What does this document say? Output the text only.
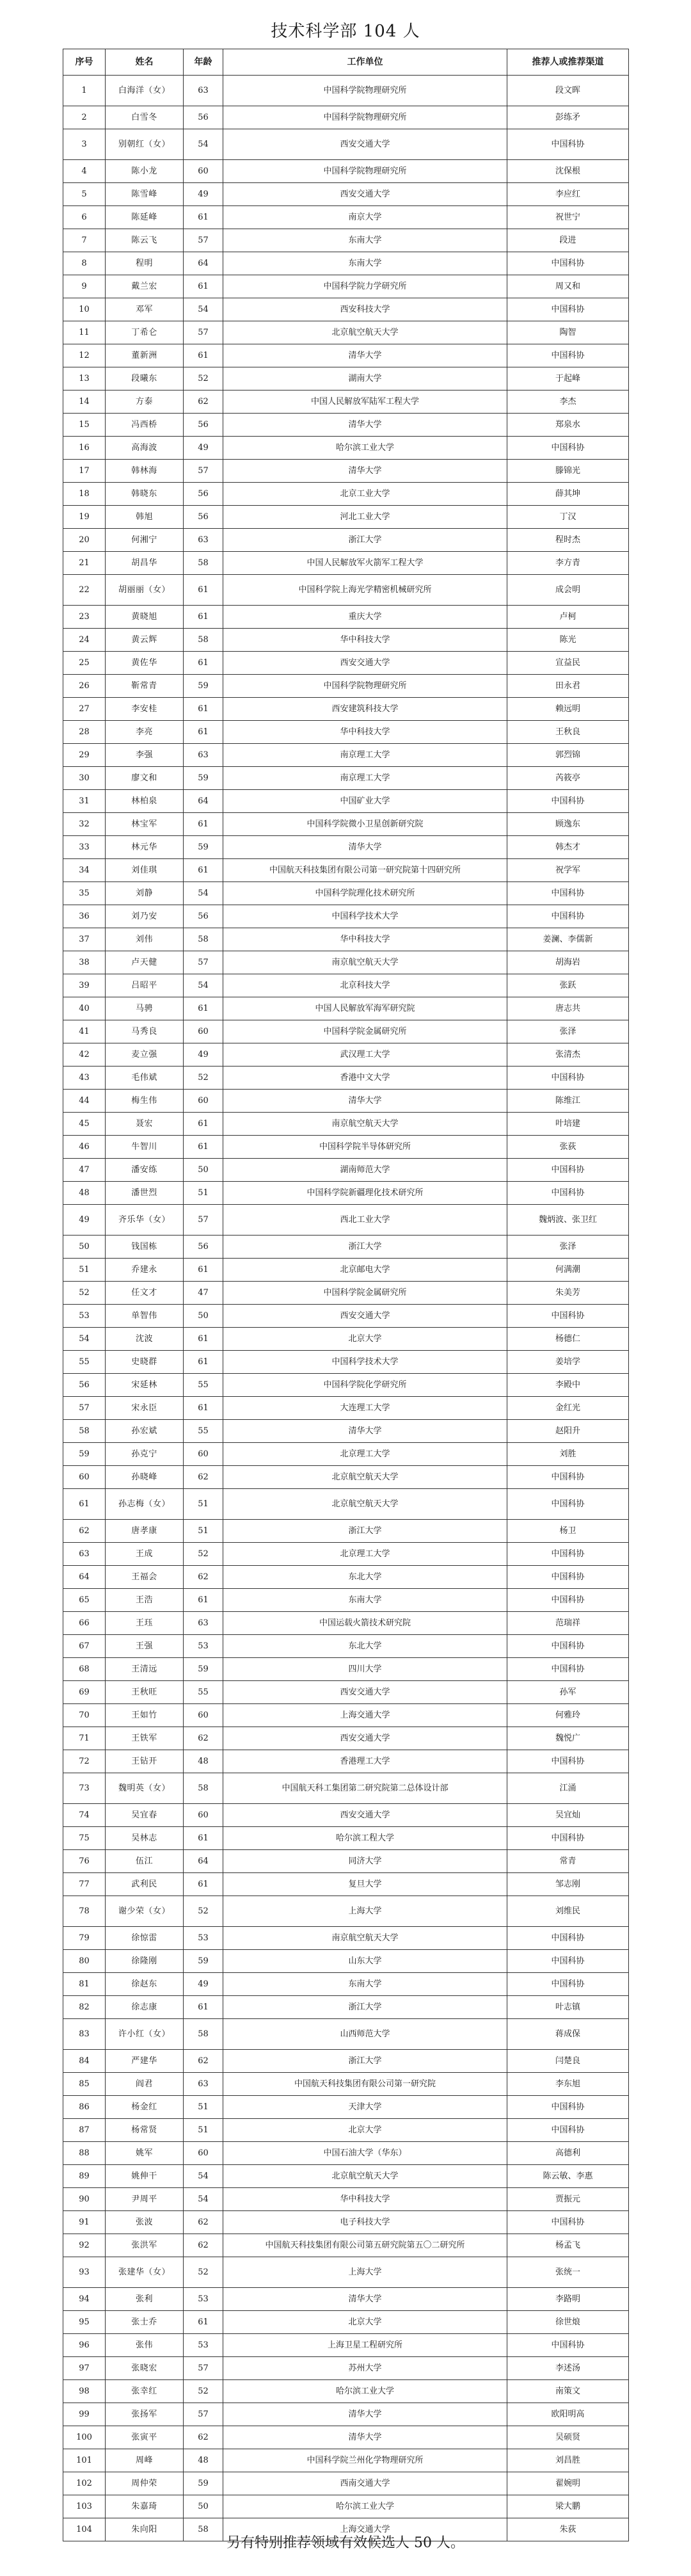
技术科学部 104 人
序号	姓名	年龄	工作单位	推荐人或推荐渠道
1	白海洋（女）	63	中国科学院物理研究所	段文晖
2	白雪冬	56	中国科学院物理研究所	彭练矛
3	别朝红（女）	54	西安交通大学	中国科协
4	陈小龙	60	中国科学院物理研究所	沈保根
5	陈雪峰	49	西安交通大学	李应红
6	陈延峰	61	南京大学	祝世宁
7	陈云飞	57	东南大学	段进
8	程明	64	东南大学	中国科协
9	戴兰宏	61	中国科学院力学研究所	周又和
10	邓军	54	西安科技大学	中国科协
11	丁希仑	57	北京航空航天大学	陶智
12	董新洲	61	清华大学	中国科协
13	段曦东	52	湖南大学	于起峰
14	方泰	62	中国人民解放军陆军工程大学	李杰
15	冯西桥	56	清华大学	郑泉水
16	高海波	49	哈尔滨工业大学	中国科协
17	韩林海	57	清华大学	滕锦光
18	韩晓东	56	北京工业大学	薛其坤
19	韩旭	56	河北工业大学	丁汉
20	何湘宁	63	浙江大学	程时杰
21	胡昌华	58	中国人民解放军火箭军工程大学	李方青
22	胡丽丽（女）	61	中国科学院上海光学精密机械研究所	成会明
23	黄晓旭	61	重庆大学	卢柯
24	黄云辉	58	华中科技大学	陈光
25	黄佐华	61	西安交通大学	宣益民
26	靳常青	59	中国科学院物理研究所	田永君
27	李安桂	61	西安建筑科技大学	赖远明
28	李亮	61	华中科技大学	王秋良
29	李强	63	南京理工大学	郭烈锦
30	廖文和	59	南京理工大学	芮筱亭
31	林柏泉	64	中国矿业大学	中国科协
32	林宝军	61	中国科学院微小卫星创新研究院	顾逸东
33	林元华	59	清华大学	韩杰才
34	刘佳琪	61	中国航天科技集团有限公司第一研究院第十四研究所	祝学军
35	刘静	54	中国科学院理化技术研究所	中国科协
36	刘乃安	56	中国科学技术大学	中国科协
37	刘伟	58	华中科技大学	姜澜、李儒新
38	卢天健	57	南京航空航天大学	胡海岩
39	吕昭平	54	北京科技大学	张跃
40	马骋	61	中国人民解放军海军研究院	唐志共
41	马秀良	60	中国科学院金属研究所	张泽
42	麦立强	49	武汉理工大学	张清杰
43	毛伟斌	52	香港中文大学	中国科协
44	梅生伟	60	清华大学	陈维江
45	聂宏	61	南京航空航天大学	叶培建
46	牛智川	61	中国科学院半导体研究所	张荻
47	潘安练	50	湖南师范大学	中国科协
48	潘世烈	51	中国科学院新疆理化技术研究所	中国科协
49	齐乐华（女）	57	西北工业大学	魏炳波、张卫红
50	钱国栋	56	浙江大学	张泽
51	乔建永	61	北京邮电大学	何满潮
52	任文才	47	中国科学院金属研究所	朱美芳
53	单智伟	50	西安交通大学	中国科协
54	沈波	61	北京大学	杨德仁
55	史晓群	61	中国科学技术大学	姜培学
56	宋延林	55	中国科学院化学研究所	李殿中
57	宋永臣	61	大连理工大学	金红光
58	孙宏斌	55	清华大学	赵阳升
59	孙克宁	60	北京理工大学	刘胜
60	孙晓峰	62	北京航空航天大学	中国科协
61	孙志梅（女）	51	北京航空航天大学	中国科协
62	唐孝康	51	浙江大学	杨卫
63	王成	52	北京理工大学	中国科协
64	王福会	62	东北大学	中国科协
65	王浩	61	东南大学	中国科协
66	王珏	63	中国运载火箭技术研究院	范瑞祥
67	王强	53	东北大学	中国科协
68	王清远	59	四川大学	中国科协
69	王秋旺	55	西安交通大学	孙军
70	王如竹	60	上海交通大学	何雅玲
71	王铁军	62	西安交通大学	魏悦广
72	王钻开	48	香港理工大学	中国科协
73	魏明英（女）	58	中国航天科工集团第二研究院第二总体设计部	江涌
74	吴宜春	60	西安交通大学	吴宜灿
75	吴林志	61	哈尔滨工程大学	中国科协
76	伍江	64	同济大学	常青
77	武利民	61	复旦大学	邹志刚
78	谢少荣（女）	52	上海大学	刘维民
79	徐惊雷	53	南京航空航天大学	中国科协
80	徐隆刚	59	山东大学	中国科协
81	徐赵东	49	东南大学	中国科协
82	徐志康	61	浙江大学	叶志镇
83	许小红（女）	58	山西师范大学	蒋成保
84	严建华	62	浙江大学	闫楚良
85	阎君	63	中国航天科技集团有限公司第一研究院	李东旭
86	杨金红	51	天津大学	中国科协
87	杨常贤	51	北京大学	中国科协
88	姚军	60	中国石油大学（华东）	高德利
89	姚伸干	54	北京航空航天大学	陈云敏、李惠
90	尹周平	54	华中科技大学	贾振元
91	张波	62	电子科技大学	中国科协
92	张洪军	62	中国航天科技集团有限公司第五研究院第五〇二研究所	杨孟飞
93	张建华（女）	52	上海大学	张统一
94	张利	53	清华大学	李路明
95	张士乔	61	北京大学	徐世烺
96	张伟	53	上海卫星工程研究所	中国科协
97	张晓宏	57	苏州大学	李述汤
98	张幸红	52	哈尔滨工业大学	南策文
99	张扬军	57	清华大学	欧阳明高
100	张寅平	62	清华大学	吴硕贤
101	周峰	48	中国科学院兰州化学物理研究所	刘昌胜
102	周仲荣	59	西南交通大学	翟婉明
103	朱嘉琦	50	哈尔滨工业大学	梁大鹏
104	朱向阳	58	上海交通大学	朱荻
另有特别推荐领域有效候选人 50 人。
